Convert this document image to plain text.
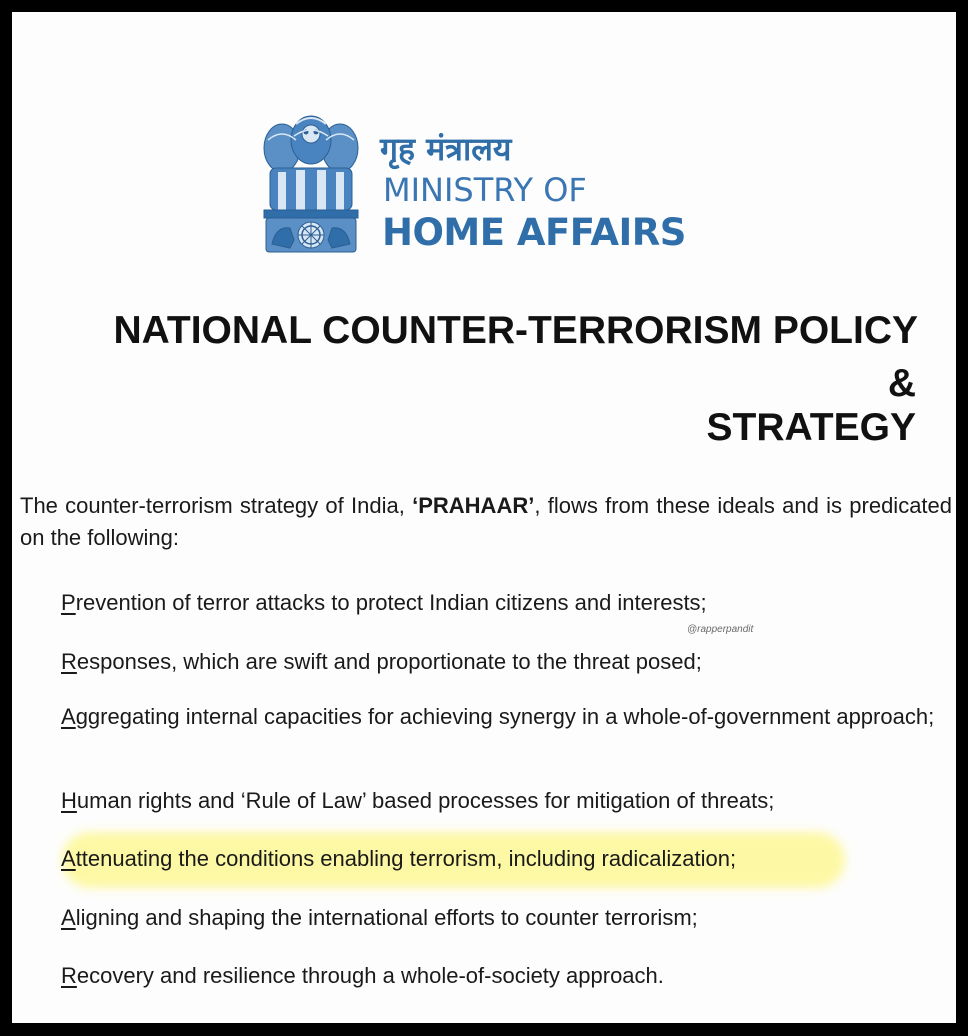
गृह मंत्रालय
MINISTRY OF
HOME AFFAIRS
NATIONAL COUNTER-TERRORISM POLICY
&
STRATEGY
The counter-terrorism strategy of India, ‘PRAHAAR’, flows from these ideals and is predicated on the following:
@rapperpandit
Prevention of terror attacks to protect Indian citizens and interests;
Responses, which are swift and proportionate to the threat posed;
Aggregating internal capacities for achieving synergy in a whole-of-government approach;
Human rights and ‘Rule of Law’ based processes for mitigation of threats;
Attenuating the conditions enabling terrorism, including radicalization;
Aligning and shaping the international efforts to counter terrorism;
Recovery and resilience through a whole-of-society approach.
